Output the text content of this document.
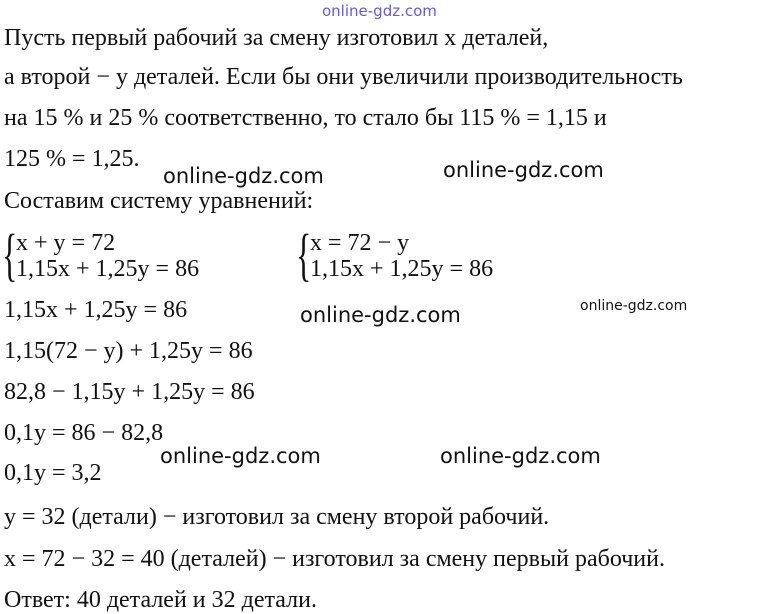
online-gdz.com
Пусть первый рабочий за смену изготовил x деталей,
а второй − y деталей. Если бы они увеличили производительность
на 15 % и 25 % соответственно, то стало бы 115 % = 1,15 и
125 % = 1,25.
Составим систему уравнений:
{
x + y = 72
1,15x + 1,25y = 86 {
x = 72 − y
1,15x + 1,25y = 86
1,15x + 1,25y = 86
1,15(72 − y) + 1,25y = 86
82,8 − 1,15y + 1,25y = 86
0,1y = 86 − 82,8
0,1y = 3,2
y = 32 (детали) − изготовил за смену второй рабочий.
x = 72 − 32 = 40 (деталей) − изготовил за смену первый рабочий.
Ответ: 40 деталей и 32 детали.
online-gdz.com	online-gdz.com
online-gdz.com
online-gdz.com
online-gdz.com	online-gdz.com
